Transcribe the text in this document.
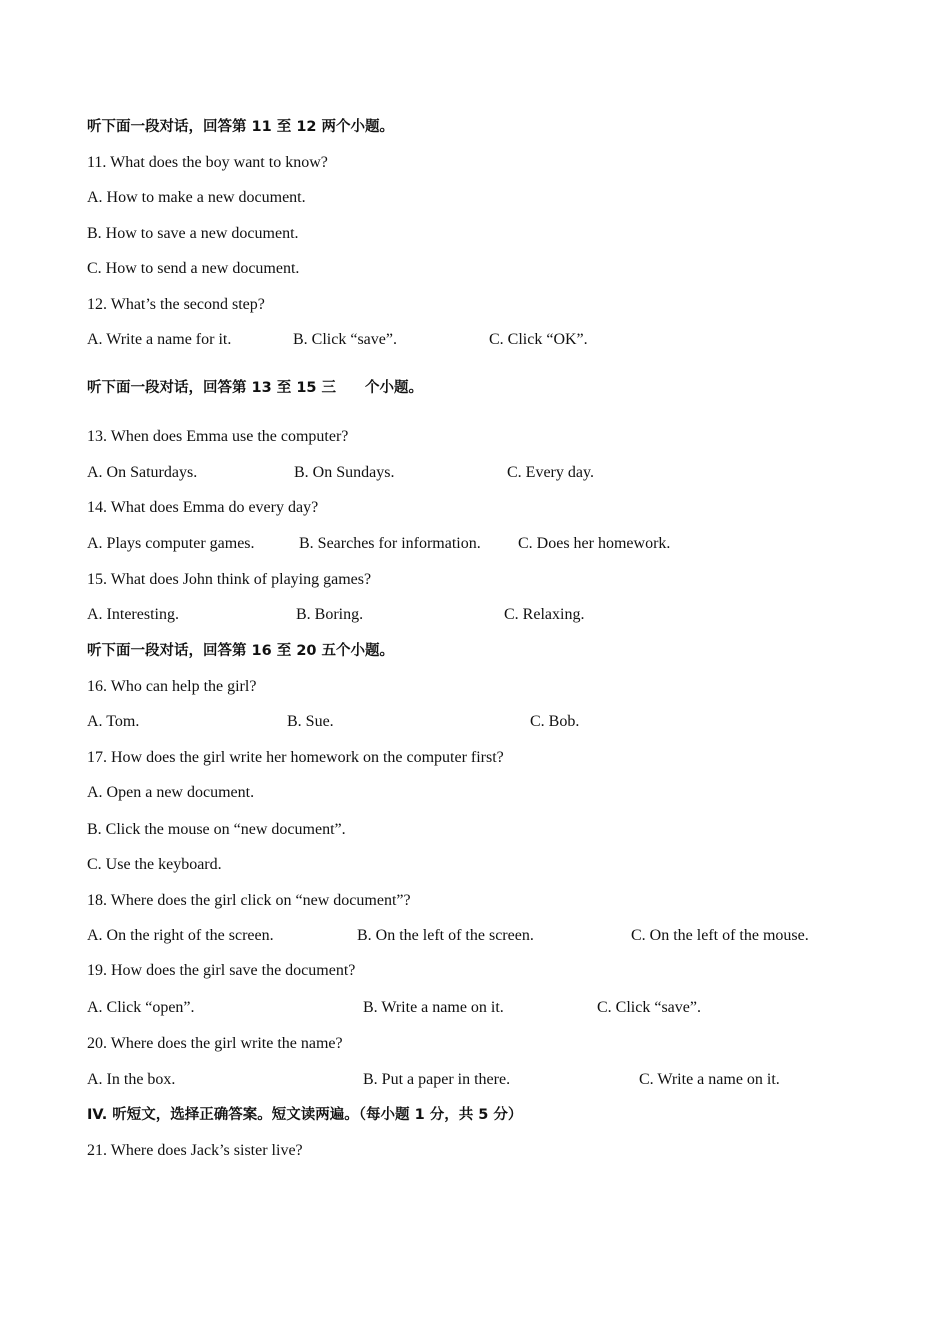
听下面一段对话，回答第 11 至 12 两个小题。
11. What does the boy want to know?
A. How to make a new document.
B. How to save a new document.
C. How to send a new document.
12. What’s the second step?
A. Write a name for it.	B. Click “save”.	C. Click “OK”.
听下面一段对话，回答第 13 至 15 三　　个小题。
13. When does Emma use the computer?
A. On Saturdays.	B. On Sundays.	C. Every day.
14. What does Emma do every day?
A. Plays computer games.	B. Searches for information. C. Does her homework.
15. What does John think of playing games?
A. Interesting.	B. Boring.	C. Relaxing.
听下面一段对话，回答第 16 至 20 五个小题。
16. Who can help the girl?
A. Tom.	B. Sue.	C. Bob.
17. How does the girl write her homework on the computer first?
A. Open a new document.
B. Click the mouse on “new document”.
C. Use the keyboard.
18. Where does the girl click on “new document”?
A. On the right of the screen.	B. On the left of the screen.	C. On the left of the mouse.
19. How does the girl save the document?
A. Click “open”.	B. Write a name on it.	C. Click “save”.
20. Where does the girl write the name?
A. In the box.	B. Put a paper in there.	C. Write a name on it.
IV. 听短文，选择正确答案。短文读两遍。（每小题 1 分，共 5 分）
21. Where does Jack’s sister live?
